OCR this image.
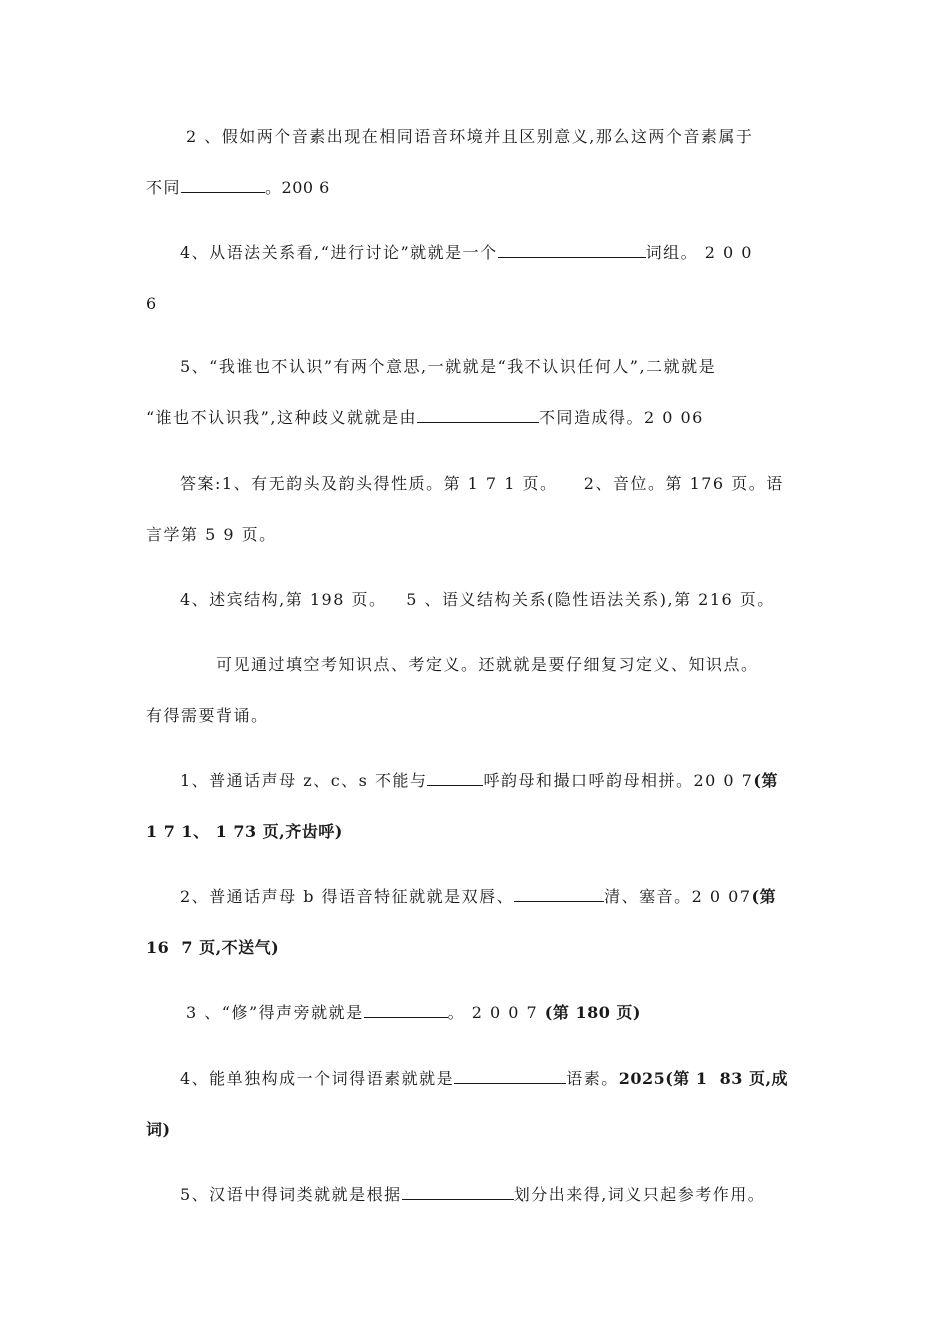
2 、假如两个音素出现在相同语音环境并且区别意义,那么这两个音素属于
不同	。200 6
4、从语法关系看,“进行讨论”就就是一个	词组。 2 0 0
6
5、“我谁也不认识”有两个意思,一就就是“我不认识任何人”,二就就是
“谁也不认识我”,这种歧义就就是由	不同造成得。2 0 06
答案:1、有无韵头及韵头得性质。第 1 7 1 页。    2、音位。第 176 页。语
言学第 5 9 页。
4、述宾结构,第 198 页。   5 、语义结构关系(隐性语法关系),第 216 页。
可见通过填空考知识点、考定义。还就就是要仔细复习定义、知识点。
有得需要背诵。
1、普通话声母 z、c、s 不能与	呼韵母和撮口呼韵母相拼。20 0 7(第
1 7 1、 1 73 页,齐齿呼)
2、普通话声母 b 得语音特征就就是双唇、	清、塞音。2 0 07(第
16  7 页,不送气)
3 、“修”得声旁就就是	。 2 0 0 7 (第 180 页)
4、能单独构成一个词得语素就就是	语素。2025(第 1  83 页,成
词)
5、汉语中得词类就就是根据	划分出来得,词义只起参考作用。
